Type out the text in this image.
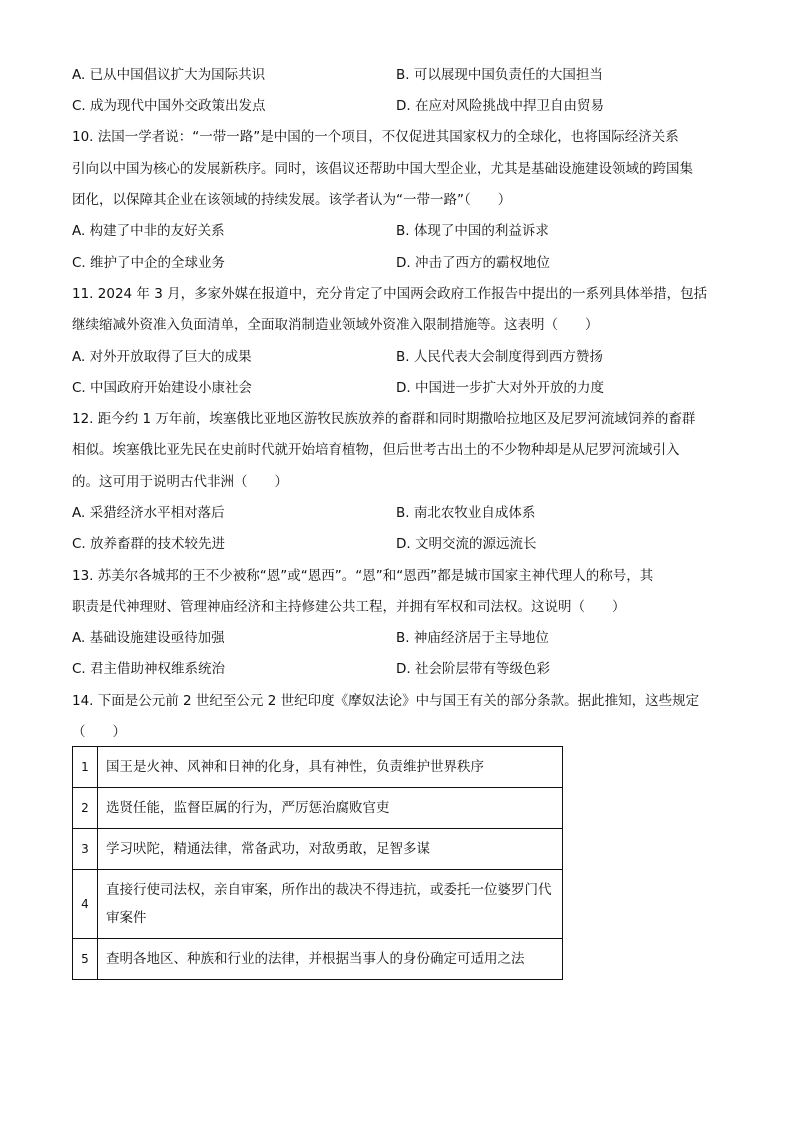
A. 已从中国倡议扩大为国际共识	B. 可以展现中国负责任的大国担当
C. 成为现代中国外交政策出发点	D. 在应对风险挑战中捍卫自由贸易
10. 法国一学者说：“一带一路”是中国的一个项目，不仅促进其国家权力的全球化，也将国际经济关系
引向以中国为核心的发展新秩序。同时，该倡议还帮助中国大型企业，尤其是基础设施建设领域的跨国集
团化，以保障其企业在该领域的持续发展。该学者认为“一带一路”（　　）
A. 构建了中非的友好关系	B. 体现了中国的利益诉求
C. 维护了中企的全球业务	D. 冲击了西方的霸权地位
11. 2024 年 3 月，多家外媒在报道中，充分肯定了中国两会政府工作报告中提出的一系列具体举措，包括
继续缩减外资准入负面清单，全面取消制造业领域外资准入限制措施等。这表明（　　）
A. 对外开放取得了巨大的成果	B. 人民代表大会制度得到西方赞扬
C. 中国政府开始建设小康社会	D. 中国进一步扩大对外开放的力度
12. 距今约 1 万年前，埃塞俄比亚地区游牧民族放养的畜群和同时期撒哈拉地区及尼罗河流域饲养的畜群
相似。埃塞俄比亚先民在史前时代就开始培育植物，但后世考古出土的不少物种却是从尼罗河流域引入
的。这可用于说明古代非洲（　　）
A. 采猎经济水平相对落后	B. 南北农牧业自成体系
C. 放养畜群的技术较先进	D. 文明交流的源远流长
13. 苏美尔各城邦的王不少被称“恩”或“恩西”。“恩”和“恩西”都是城市国家主神代理人的称号，其
职责是代神理财、管理神庙经济和主持修建公共工程，并拥有军权和司法权。这说明（　　）
A. 基础设施建设亟待加强	B. 神庙经济居于主导地位
C. 君主借助神权维系统治	D. 社会阶层带有等级色彩
14. 下面是公元前 2 世纪至公元 2 世纪印度《摩奴法论》中与国王有关的部分条款。据此推知，这些规定
（　　）
1	国王是火神、风神和日神的化身，具有神性，负责维护世界秩序
2	选贤任能，监督臣属的行为，严厉惩治腐败官吏
3	学习吠陀，精通法律，常备武功，对敌勇敢，足智多谋
4	直接行使司法权，亲自审案，所作出的裁决不得违抗，或委托一位婆罗门代审案件
5	查明各地区、种族和行业的法律，并根据当事人的身份确定可适用之法
